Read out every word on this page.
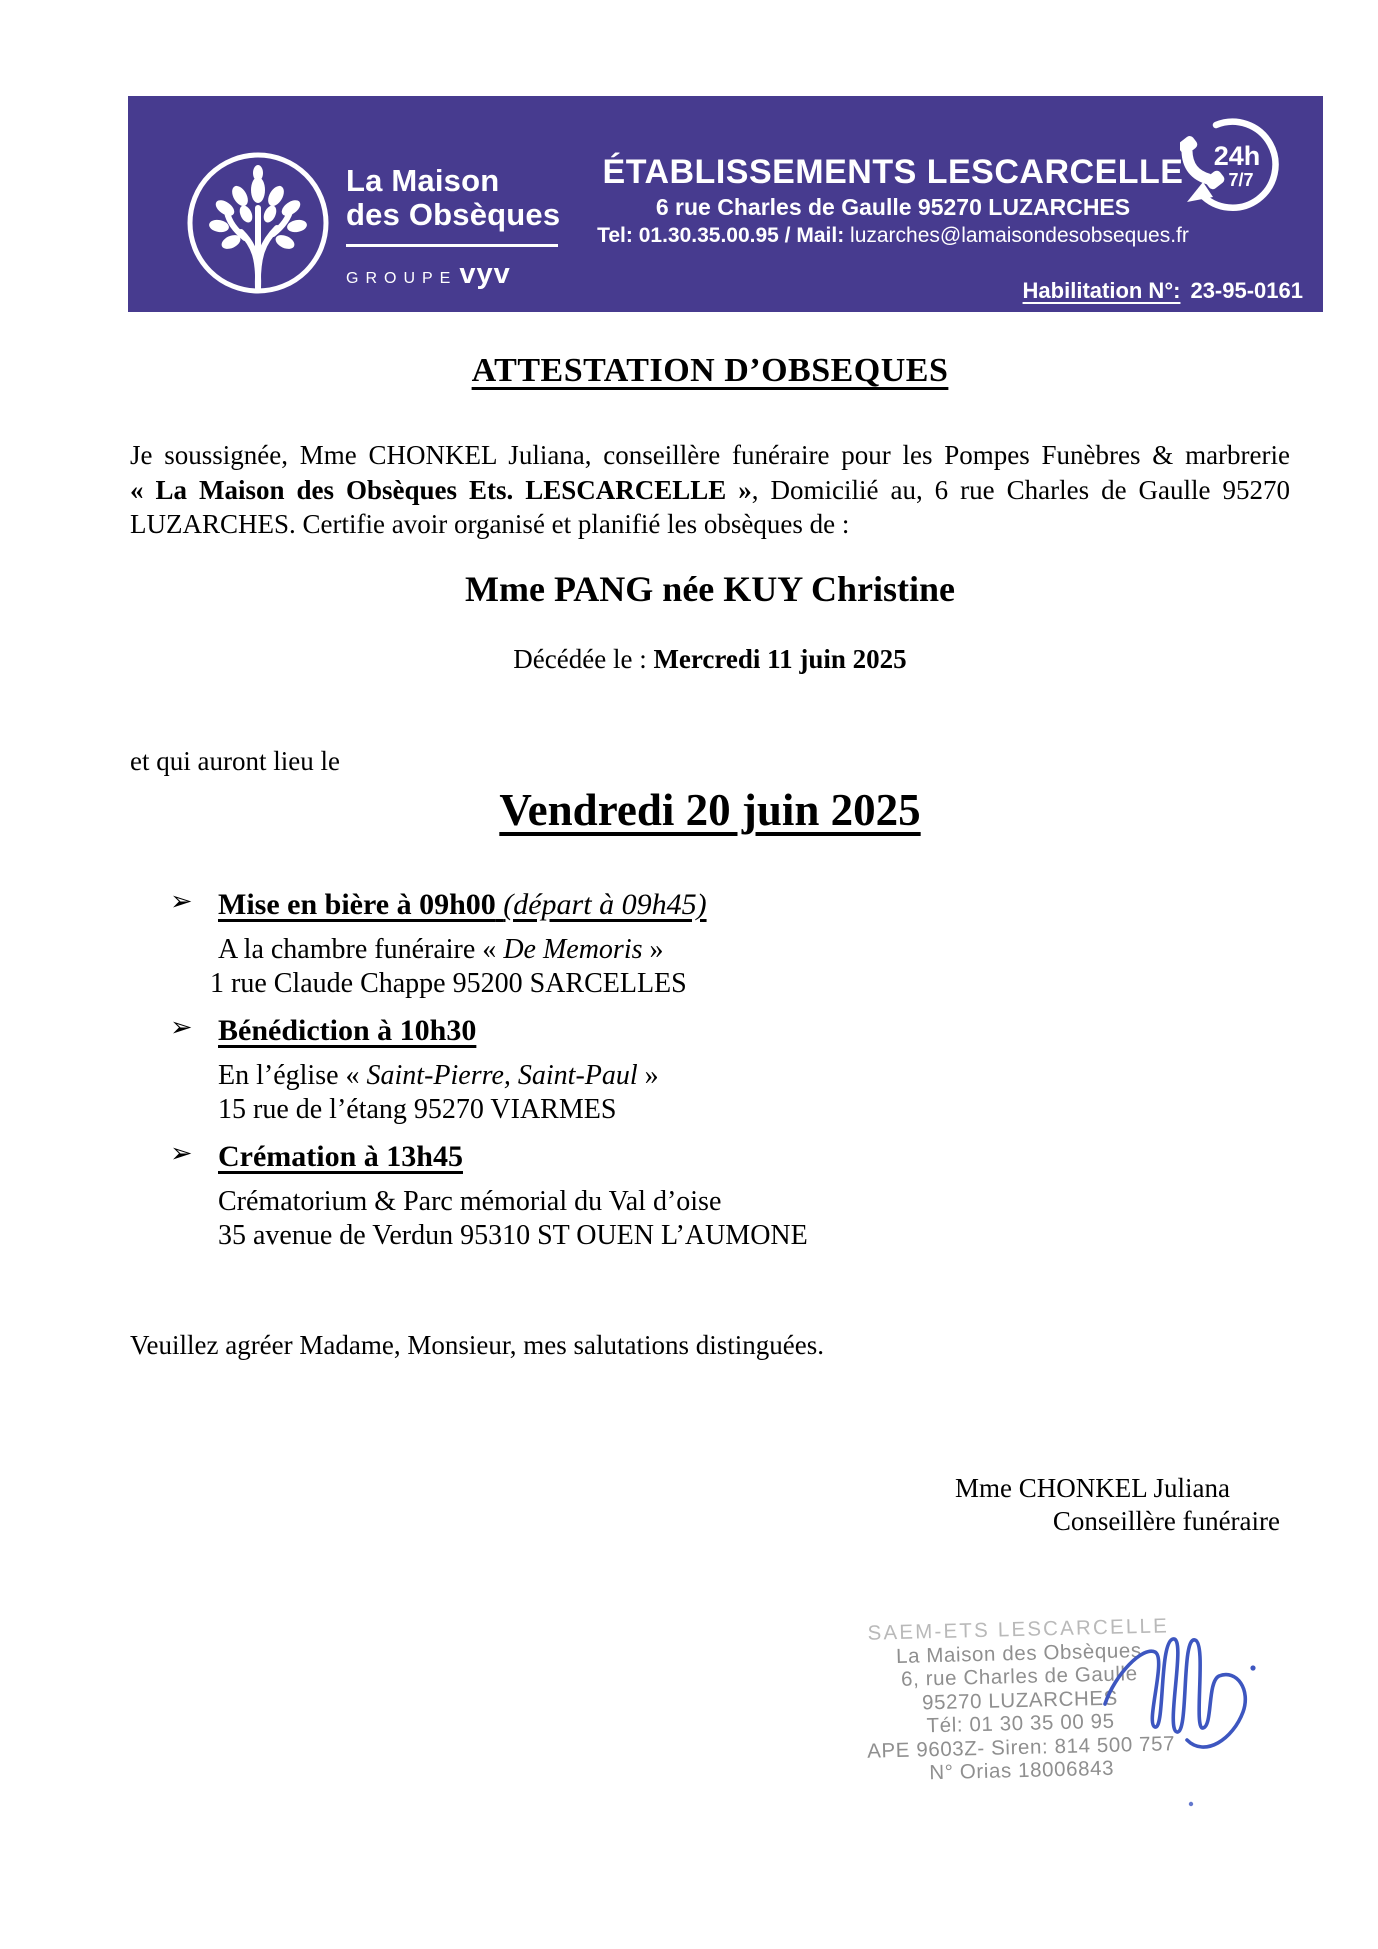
La Maison
des Obsèques
GROUPE vyv
ÉTABLISSEMENTS LESCARCELLE
6 rue Charles de Gaulle 95270 LUZARCHES
Tel: 01.30.35.00.95 / Mail: luzarches@lamaisondesobseques.fr
24h
7/7
Habilitation N°: 23-95-0161
ATTESTATION D’OBSEQUES
Je soussignée, Mme CHONKEL Juliana, conseillère funéraire pour les Pompes Funèbres & marbrerie
« La Maison des Obsèques Ets. LESCARCELLE », Domicilié au, 6 rue Charles de Gaulle 95270
LUZARCHES. Certifie avoir organisé et planifié les obsèques de :
Mme PANG née KUY Christine
Décédée le : Mercredi 11 juin 2025
et qui auront lieu le
Vendredi 20 juin 2025
➢ Mise en bière à 09h00 (départ à 09h45)
A la chambre funéraire « De Memoris »
1 rue Claude Chappe 95200 SARCELLES
➢ Bénédiction à 10h30
En l’église « Saint-Pierre, Saint-Paul »
15 rue de l’étang 95270 VIARMES
➢ Crémation à 13h45
Crématorium & Parc mémorial du Val d’oise
35 avenue de Verdun 95310 ST OUEN L’AUMONE
Veuillez agréer Madame, Monsieur, mes salutations distinguées.
Mme CHONKEL Juliana
Conseillère funéraire
SAEM-ETS LESCARCELLE
La Maison des Obsèques
6, rue Charles de Gaulle
95270 LUZARCHES
Tél: 01 30 35 00 95
APE 9603Z- Siren: 814 500 757
N° Orias 18006843
